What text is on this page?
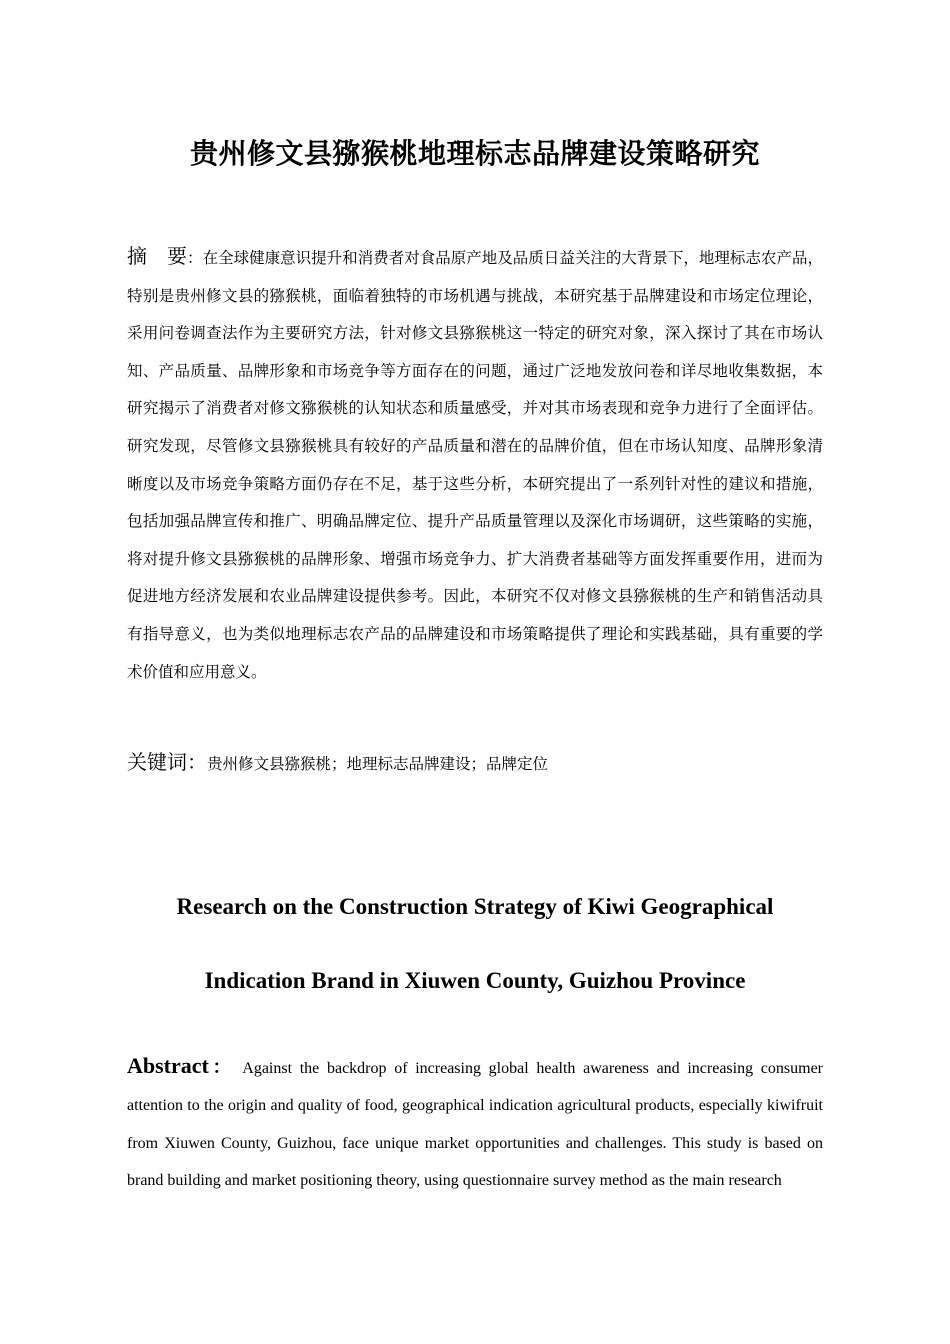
贵州修文县猕猴桃地理标志品牌建设策略研究
摘　要：在全球健康意识提升和消费者对食品原产地及品质日益关注的大背景下，地理标志农产品，特别是贵州修文县的猕猴桃，面临着独特的市场机遇与挑战，本研究基于品牌建设和市场定位理论，采用问卷调查法作为主要研究方法，针对修文县猕猴桃这一特定的研究对象，深入探讨了其在市场认知、产品质量、品牌形象和市场竞争等方面存在的问题，通过广泛地发放问卷和详尽地收集数据，本研究揭示了消费者对修文猕猴桃的认知状态和质量感受，并对其市场表现和竞争力进行了全面评估。研究发现，尽管修文县猕猴桃具有较好的产品质量和潜在的品牌价值，但在市场认知度、品牌形象清晰度以及市场竞争策略方面仍存在不足，基于这些分析，本研究提出了一系列针对性的建议和措施，包括加强品牌宣传和推广、明确品牌定位、提升产品质量管理以及深化市场调研，这些策略的实施，将对提升修文县猕猴桃的品牌形象、增强市场竞争力、扩大消费者基础等方面发挥重要作用，进而为促进地方经济发展和农业品牌建设提供参考。因此，本研究不仅对修文县猕猴桃的生产和销售活动具有指导意义，也为类似地理标志农产品的品牌建设和市场策略提供了理论和实践基础，具有重要的学术价值和应用意义。
关键词：贵州修文县猕猴桃；地理标志品牌建设；品牌定位
Research on the Construction Strategy of Kiwi Geographical
Indication Brand in Xiuwen County, Guizhou Province
Abstract： Against the backdrop of increasing global health awareness and increasing consumer attention to the origin and quality of food, geographical indication agricultural products, especially kiwifruit from Xiuwen County, Guizhou, face unique market opportunities and challenges. This study is based on brand building and market positioning theory, using questionnaire survey method as the main research
